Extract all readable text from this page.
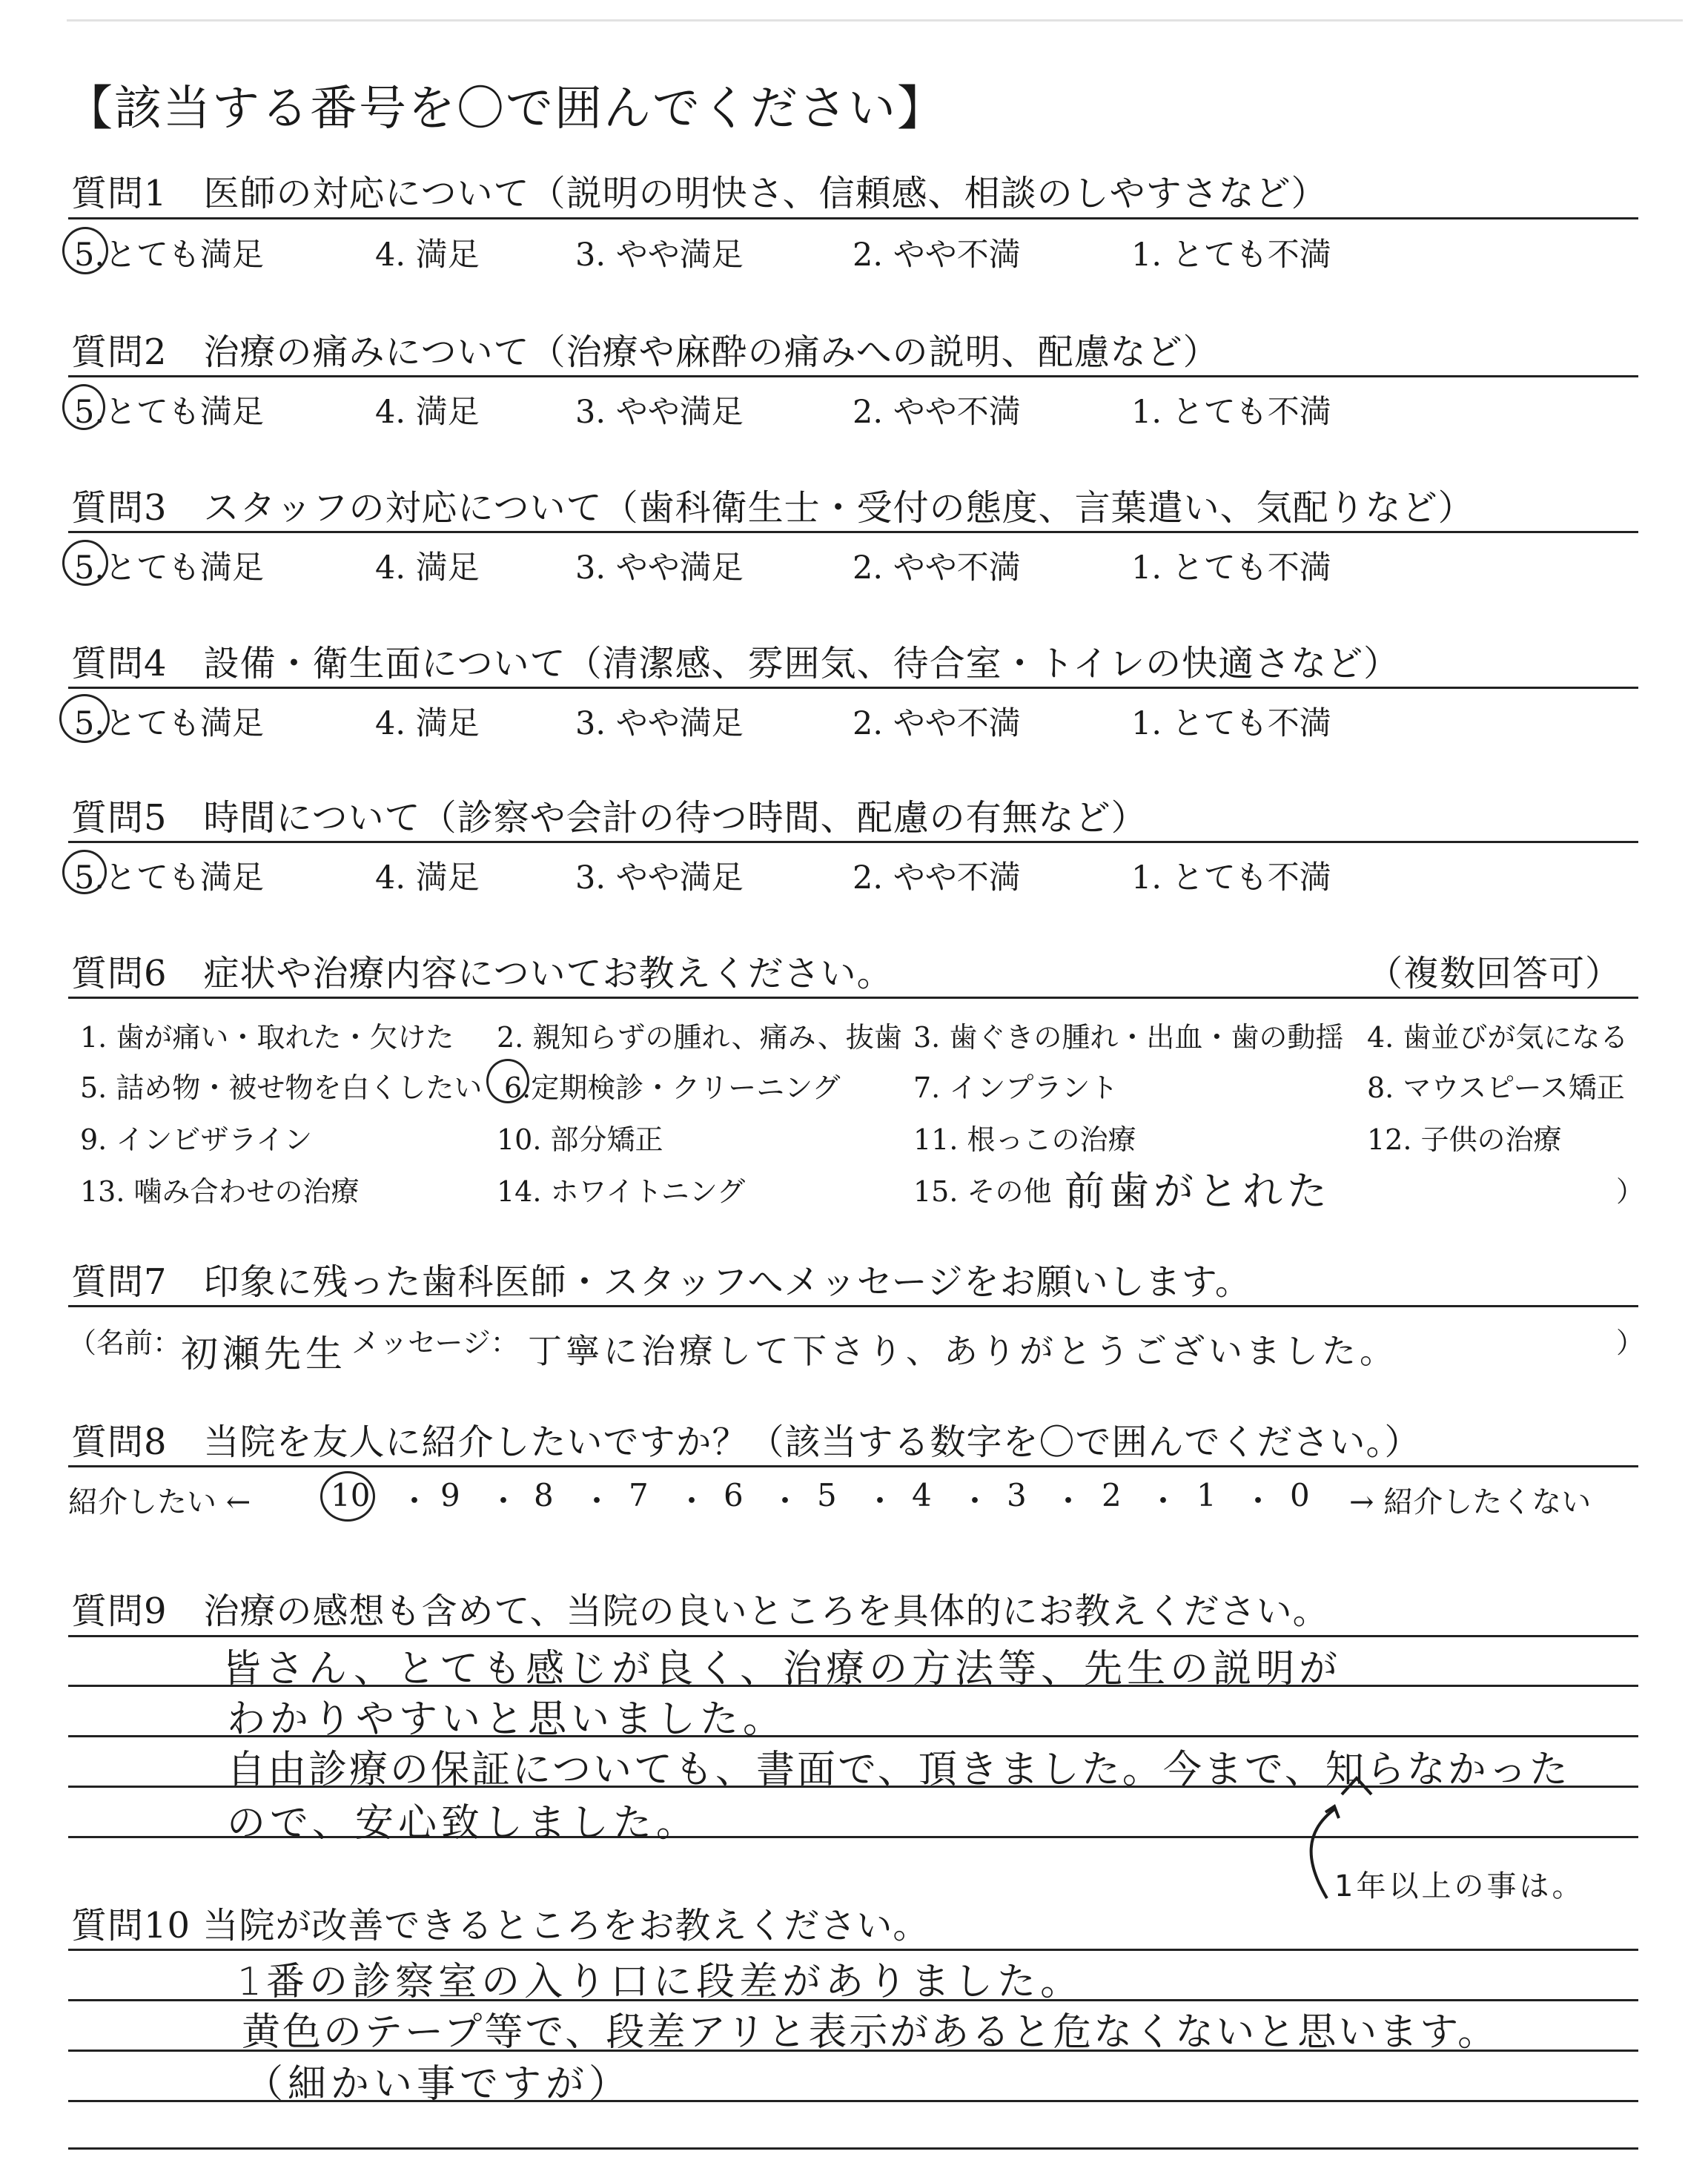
【該当する番号を〇で囲んでください】
質問1　医師の対応について（説明の明快さ、信頼感、相談のしやすさなど）
5.とても満足	4. 満足	3. やや満足	2. やや不満	1. とても不満
質問2　治療の痛みについて（治療や麻酔の痛みへの説明、配慮など）
5.とても満足	4. 満足	3. やや満足	2. やや不満	1. とても不満
質問3　スタッフの対応について（歯科衛生士・受付の態度、言葉遣い、気配りなど）
5.とても満足	4. 満足	3. やや満足	2. やや不満	1. とても不満
質問4　設備・衛生面について（清潔感、雰囲気、待合室・トイレの快適さなど）
5.とても満足	4. 満足	3. やや満足	2. やや不満	1. とても不満
質問5　時間について（診察や会計の待つ時間、配慮の有無など）
5.とても満足	4. 満足	3. やや満足	2. やや不満	1. とても不満
質問6　症状や治療内容についてお教えください。	（複数回答可）
1. 歯が痛い・取れた・欠けた 2. 親知らずの腫れ、痛み、抜歯 3. 歯ぐきの腫れ・出血・歯の動揺 4. 歯並びが気になる
5. 詰め物・被せ物を白くしたい 6.定期検診・クリーニング	7. インプラント	8. マウスピース矯正
9. インビザライン	10. 部分矯正	11. 根っこの治療	12. 子供の治療
13. 噛み合わせの治療	14. ホワイトニング	15. その他（
前歯がとれた	）
質問7　印象に残った歯科医師・スタッフへメッセージをお願いします。
（名前： 初瀬先生 メッセージ： 丁寧に治療して下さり、ありがとうございました。	）
質問8　当院を友人に紹介したいですか？（該当する数字を〇で囲んでください。）
紹介したい ←	10 ・ 9 ・ 8 ・ 7 ・ 6 ・ 5 ・ 4 ・ 3 ・ 2 ・ 1 ・ 0 → 紹介したくない
質問9　治療の感想も含めて、当院の良いところを具体的にお教えください。
皆さん、とても感じが良く、治療の方法等、先生の説明が
わかりやすいと思いました。
自由診療の保証についても、書面で、頂きました。今まで、知らなかった
ので、安心致しました。
1年以上の事は。
質問10 当院が改善できるところをお教えください。
1番の診察室の入り口に段差がありました。
黄色のテープ等で、段差アリと表示があると危なくないと思います。
（細かい事ですが）
